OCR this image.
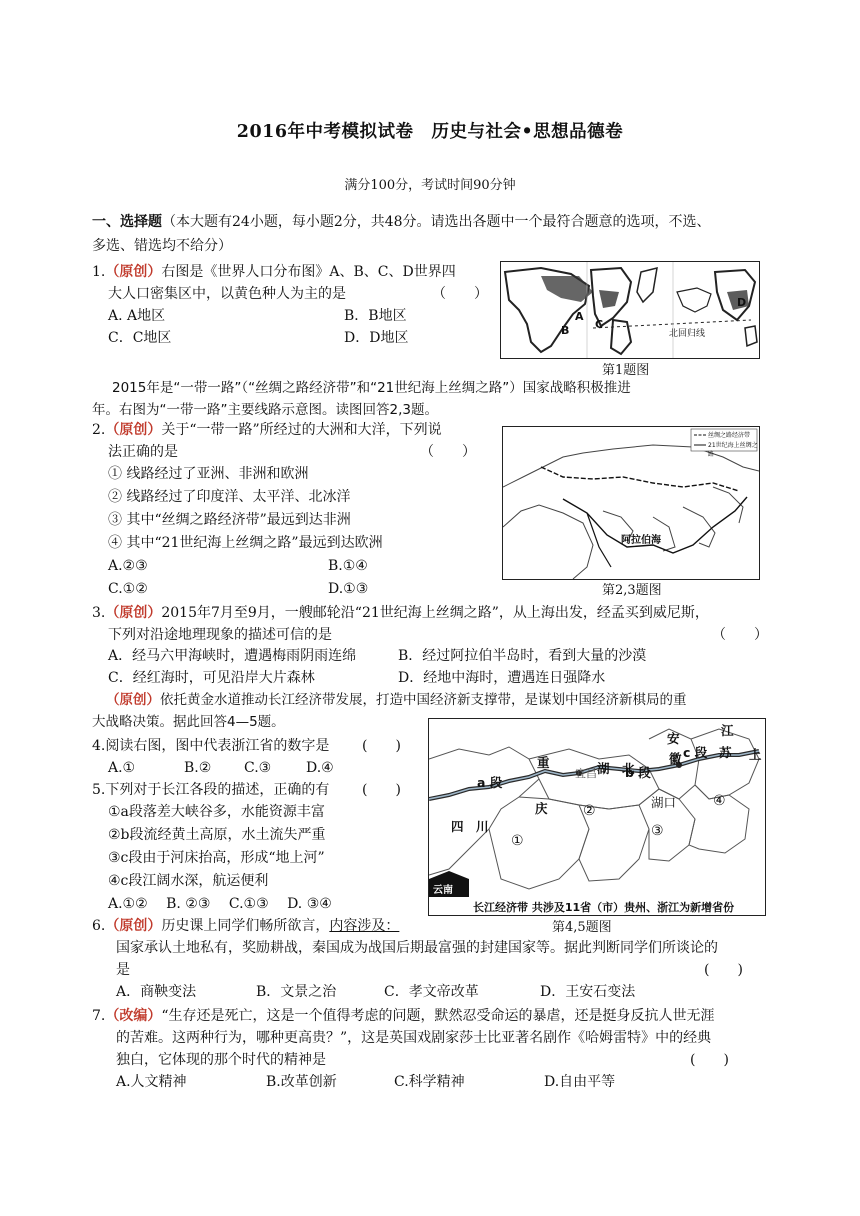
2016年中考模拟试卷　历史与社会•思想品德卷
满分100分，考试时间90分钟
一、选择题（本大题有24小题，每小题2分，共48分。请选出各题中一个最符合题意的选项，不选、
多选、错选均不给分）
1.（原创）右图是《世界人口分布图》A、B、C、D世界四
大人口密集区中，以黄色种人为主的是	（　　）
A. A地区	B．B地区
C．C地区	D．D地区
A
B C
D
北回归线
第1题图
2015年是“一带一路”（“丝绸之路经济带”和“21世纪海上丝绸之路”）国家战略积极推进
年。右图为“一带一路”主要线路示意图。读图回答2,3题。
2.（原创）关于“一带一路”所经过的大洲和大洋，下列说
法正确的是	（　　）
① 线路经过了亚洲、非洲和欧洲
② 线路经过了印度洋、太平洋、北冰洋
③ 其中“丝绸之路经济带”最远到达非洲
④ 其中“21世纪海上丝绸之路”最远到达欧洲
A.②③	B.①④
C.①②	D.①③
丝绸之路经济带
21世纪海上丝绸之路
阿拉伯海
第2,3题图
3.（原创）2015年7月至9月，一艘邮轮沿“21世纪海上丝绸之路”，从上海出发，经孟买到威尼斯，
下列对沿途地理现象的描述可信的是	（　　）
A．经马六甲海峡时，遭遇梅雨阴雨连绵	B．经过阿拉伯半岛时，看到大量的沙漠
C．经红海时，可见沿岸大片森林	D．经地中海时，遭遇连日强降水
（原创）依托黄金水道推动长江经济带发展，打造中国经济新支撑带，是谋划中国经济新棋局的重
大战略决策。据此回答4—5题。
4.阅读右图，图中代表浙江省的数字是 (　　)
A.①	B.② C.③ D.④
5.下列对于长江各段的描述，正确的有 (　　)
①a段落差大峡谷多，水能资源丰富
②b段流经黄土高原，水土流失严重
③c段由于河床抬高，形成“地上河”
④c段江阔水深，航运便利
A.①②　 B. ②③　 C.①③　 D. ③④
四　川
重
庆
湖　北
宜昌
安
徽
江
苏 上
湖口
a 段
b 段
c 段
①
②
③
④
云南
长江经济带 共涉及11省（市）贵州、浙江为新增省份
第4,5题图
6.（原创）历史课上同学们畅所欲言，内容涉及：
国家承认土地私有，奖励耕战，秦国成为战国后期最富强的封建国家等。据此判断同学们所谈论的
是	(　　)
A．商鞅变法	B．文景之治	C．孝文帝改革	D．王安石变法
7.（改编）“生存还是死亡，这是一个值得考虑的问题，默然忍受命运的暴虐，还是挺身反抗人世无涯
的苦难。这两种行为，哪种更高贵？”，这是英国戏剧家莎士比亚著名剧作《哈姆雷特》中的经典
独白，它体现的那个时代的精神是	(　　)
A.人文精神	B.改革创新	C.科学精神	D.自由平等
